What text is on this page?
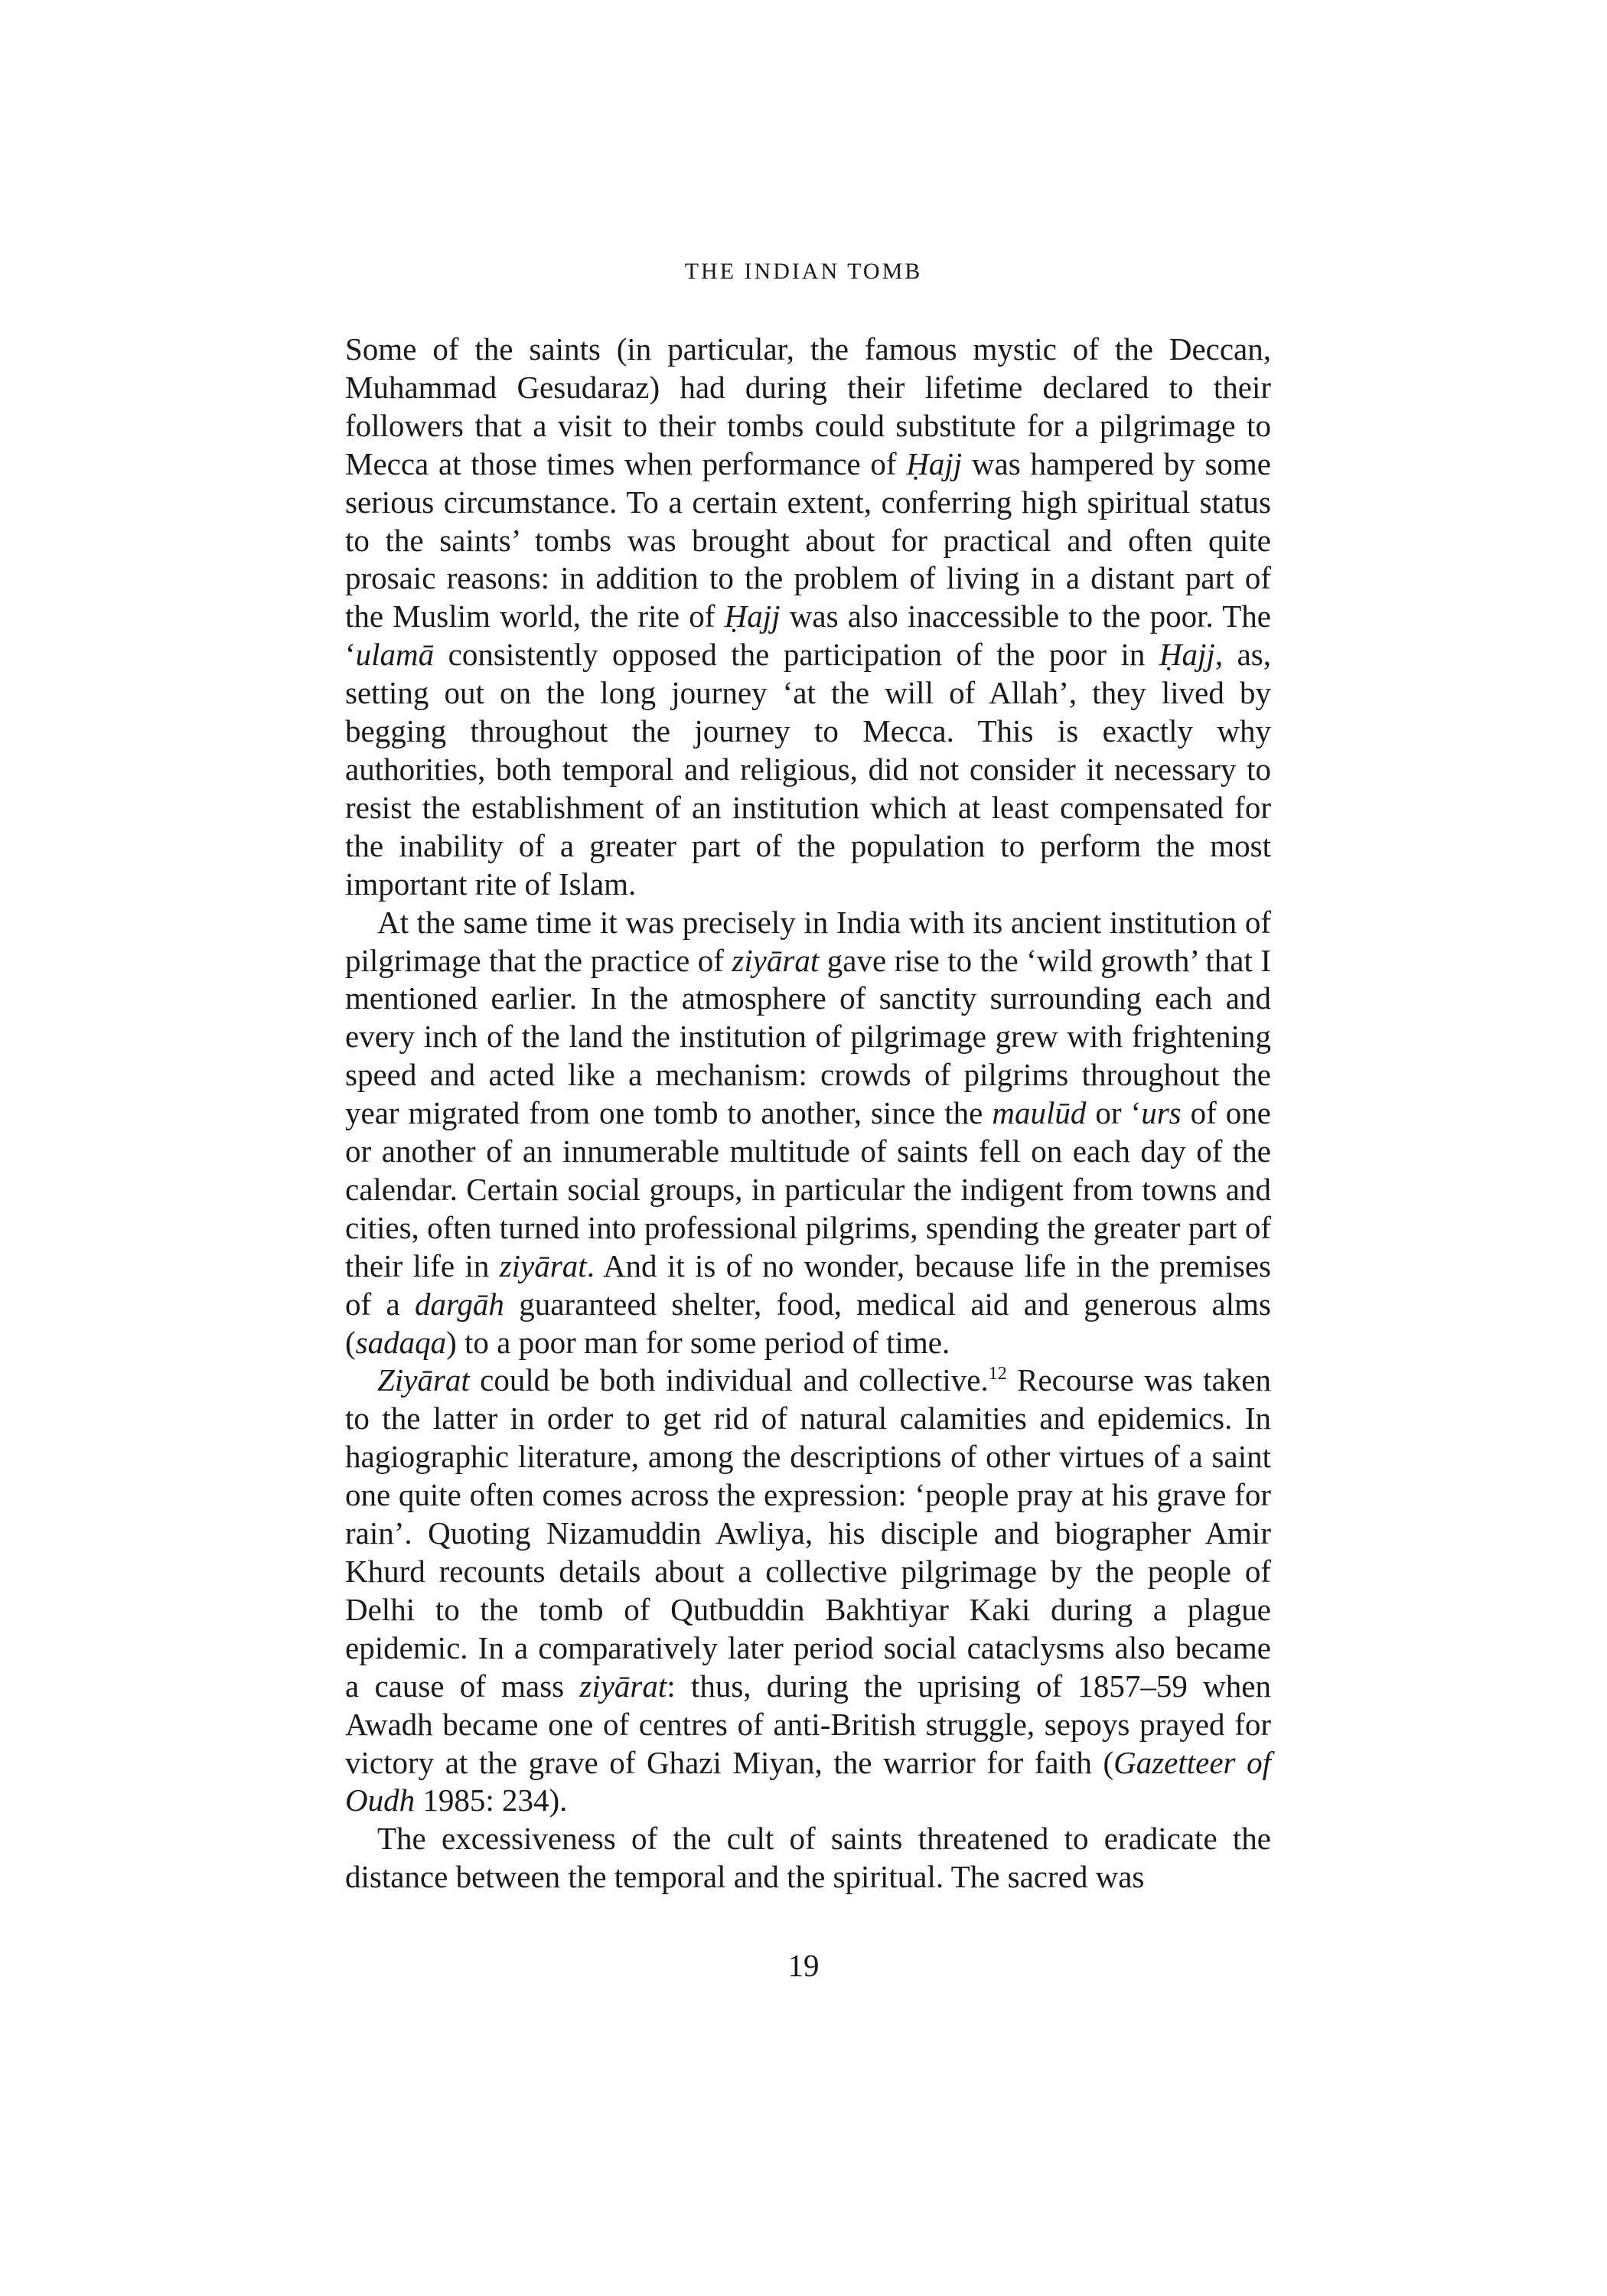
THE INDIAN TOMB

Some of the saints (in particular, the famous mystic of the Deccan, Muhammad Gesudaraz) had during their lifetime declared to their followers that a visit to their tombs could substitute for a pilgrimage to Mecca at those times when performance of Ḥajj was hampered by some serious circumstance. To a certain extent, conferring high spiritual status to the saints’ tombs was brought about for practical and often quite prosaic reasons: in addition to the problem of living in a distant part of the Muslim world, the rite of Ḥajj was also inaccessible to the poor. The ‘ulamā consistently opposed the participation of the poor in Ḥajj, as, setting out on the long journey ‘at the will of Allah’, they lived by begging throughout the journey to Mecca. This is exactly why authorities, both temporal and religious, did not consider it necessary to resist the establishment of an institution which at least compensated for the inability of a greater part of the population to perform the most important rite of Islam.

At the same time it was precisely in India with its ancient institution of pilgrimage that the practice of ziyārat gave rise to the ‘wild growth’ that I mentioned earlier. In the atmosphere of sanctity surrounding each and every inch of the land the institution of pilgrimage grew with frightening speed and acted like a mechanism: crowds of pilgrims throughout the year migrated from one tomb to another, since the maulūd or ‘urs of one or another of an innumerable multitude of saints fell on each day of the calendar. Certain social groups, in particular the indigent from towns and cities, often turned into professional pilgrims, spending the greater part of their life in ziyārat. And it is of no wonder, because life in the premises of a dargāh guaranteed shelter, food, medical aid and generous alms (sadaqa) to a poor man for some period of time.

Ziyārat could be both individual and collective.$^{12}$ Recourse was taken to the latter in order to get rid of natural calamities and epidemics. In hagiographic literature, among the descriptions of other virtues of a saint one quite often comes across the expression: ‘people pray at his grave for rain’. Quoting Nizamuddin Awliya, his disciple and biographer Amir Khurd recounts details about a collective pilgrimage by the people of Delhi to the tomb of Qutbuddin Bakhtiyar Kaki during a plague epidemic. In a comparatively later period social cataclysms also became a cause of mass ziyārat: thus, during the uprising of 1857–59 when Awadh became one of centres of anti-British struggle, sepoys prayed for victory at the grave of Ghazi Miyan, the warrior for faith (Gazetteer of Oudh 1985: 234).

The excessiveness of the cult of saints threatened to eradicate the distance between the temporal and the spiritual. The sacred was

19
